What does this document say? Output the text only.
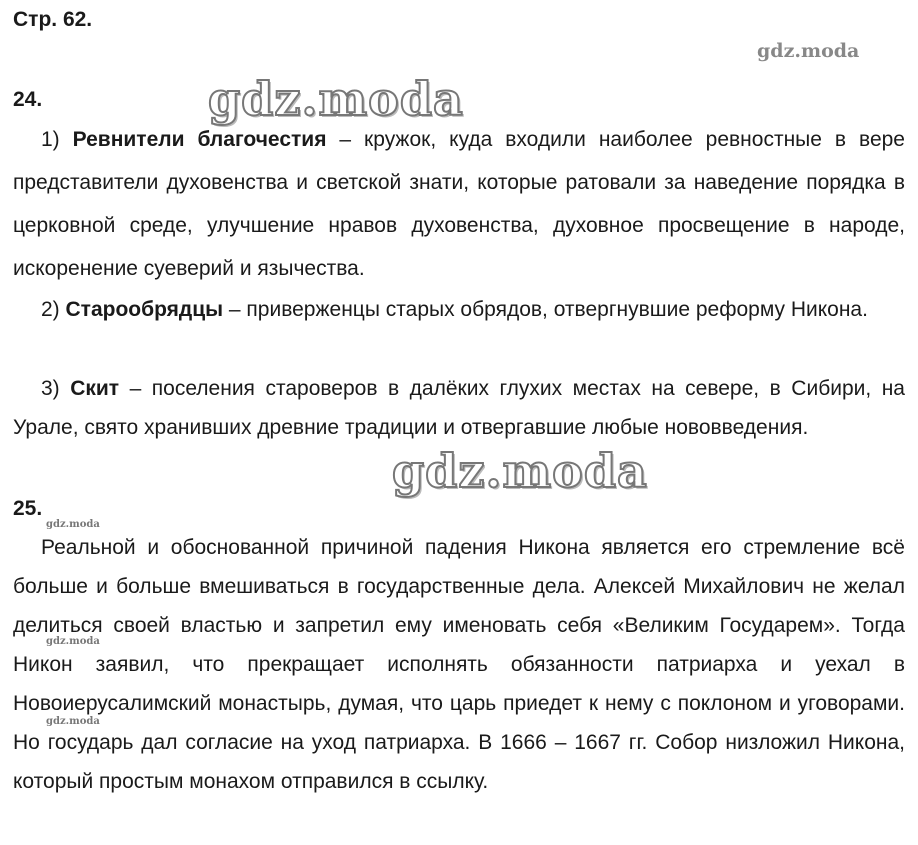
Стр. 62.
gdz.moda
gdz.moda
gdz.moda
24.
1) Ревнители благочестия – кружок, куда входили наиболее ревностные в вере представители духовенства и светской знати, которые ратовали за наведение порядка в церковной среде, улучшение нравов духовенства, духовное просвещение в народе, искоренение суеверий и язычества.
2) Старообрядцы – приверженцы старых обрядов, отвергнувшие реформу Никона.
3) Скит – поселения староверов в далёких глухих местах на севере, в Сибири, на Урале, свято хранивших древние традиции и отвергавшие любые нововведения.
25.
gdz.moda
Реальной и обоснованной причиной падения Никона является его стремление всё больше и больше вмешиваться в государственные дела. Алексей Михайлович не желал делиться своей властью и запретил ему именовать себя «Великим Государем». Тогда Никон заявил, что прекращает исполнять обязанности патриарха и уехал в Новоиерусалимский монастырь, думая, что царь приедет к нему с поклоном и уговорами. Но государь дал согласие на уход патриарха. В 1666 – 1667 гг. Собор низложил Никона, который простым монахом отправился в ссылку.
gdz.moda
gdz.moda
